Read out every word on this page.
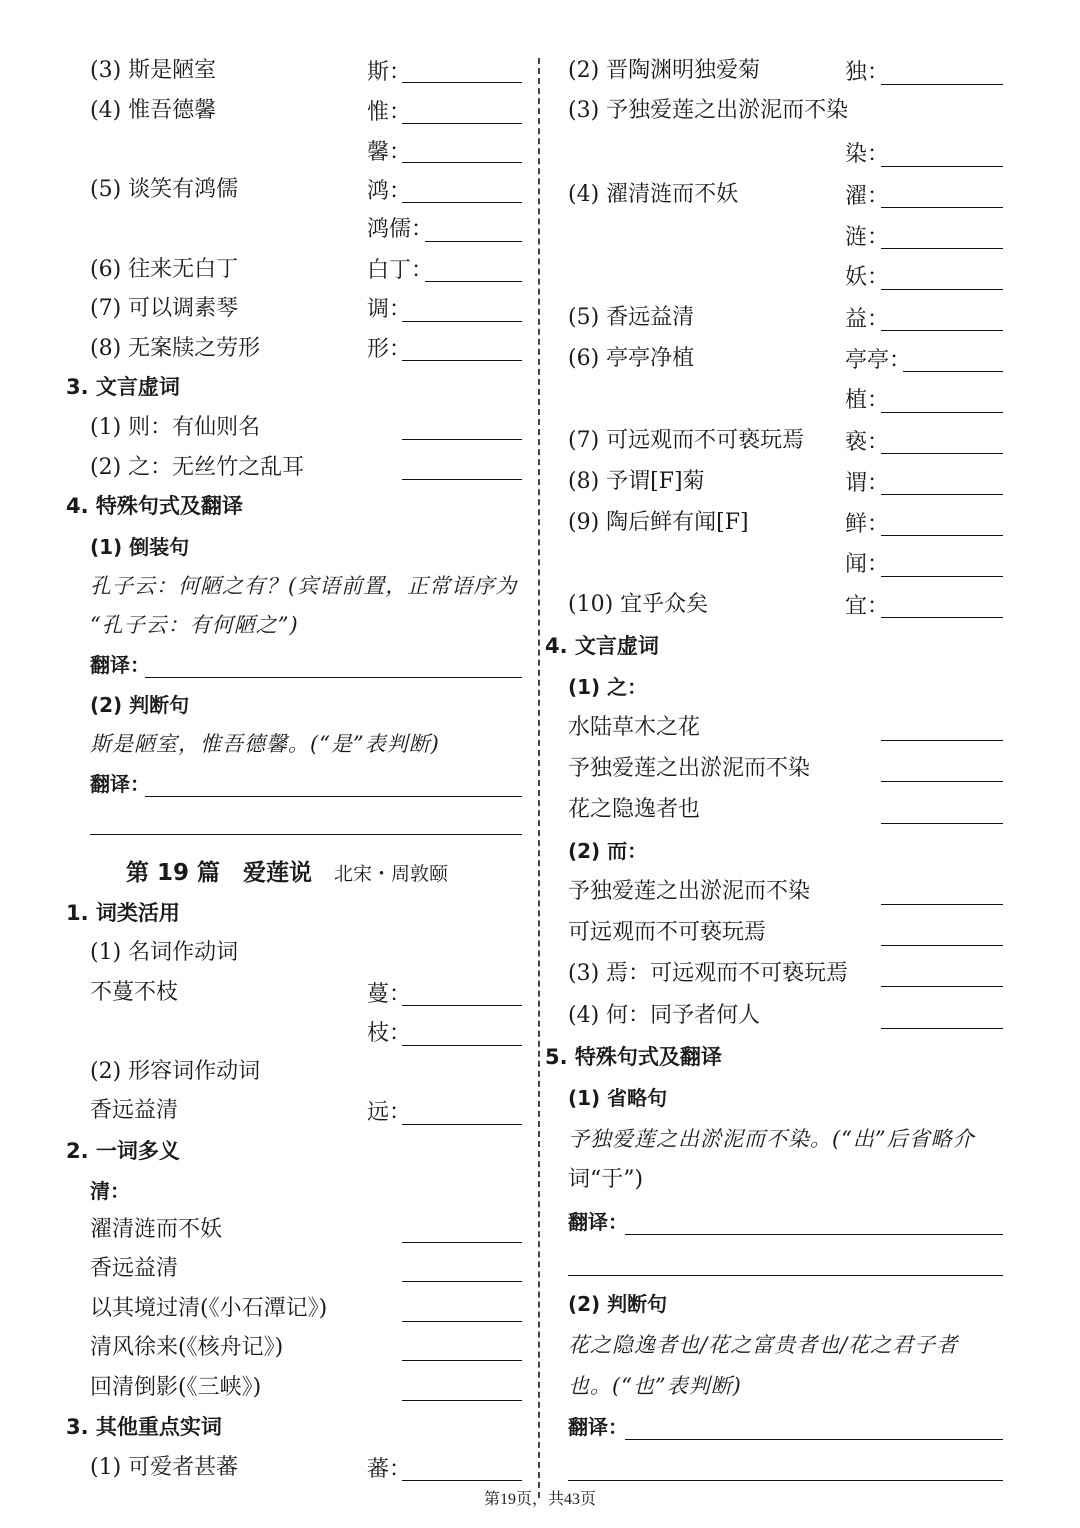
(3) 斯是陋室	斯：
(4) 惟吾德馨	惟：
馨：
(5) 谈笑有鸿儒	鸿：
鸿儒：
(6) 往来无白丁	白丁：
(7) 可以调素琴	调：
(8) 无案牍之劳形	形：
3. 文言虚词
(1) 则：有仙则名
(2) 之：无丝竹之乱耳
4. 特殊句式及翻译
(1) 倒装句
孔子云：何陋之有？(宾语前置，正常语序为
“孔子云：有何陋之”)
翻译：
(2) 判断句
斯是陋室，惟吾德馨。(“是”表判断)
翻译：
第 19 篇　爱莲说 北宋・周敦颐
1. 词类活用
(1) 名词作动词
不蔓不枝	蔓：
枝：
(2) 形容词作动词
香远益清	远：
2. 一词多义
清：
濯清涟而不妖
香远益清
以其境过清(《小石潭记》)
清风徐来(《核舟记》)
回清倒影(《三峡》)
3. 其他重点实词
(1) 可爱者甚蕃	蕃：
(2) 晋陶渊明独爱菊	独：
(3) 予独爱莲之出淤泥而不染
染：
(4) 濯清涟而不妖	濯：
涟：
妖：
(5) 香远益清	益：
(6) 亭亭净植	亭亭：
植：
(7) 可远观而不可亵玩焉 亵：
(8) 予谓[F]菊	谓：
(9) 陶后鲜有闻[F]	鲜：
闻：
(10) 宜乎众矣	宜：
4. 文言虚词
(1) 之：
水陆草木之花
予独爱莲之出淤泥而不染
花之隐逸者也
(2) 而：
予独爱莲之出淤泥而不染
可远观而不可亵玩焉
(3) 焉：可远观而不可亵玩焉
(4) 何：同予者何人
5. 特殊句式及翻译
(1) 省略句
予独爱莲之出淤泥而不染。(“出”后省略介
词“于”)
翻译：
(2) 判断句
花之隐逸者也/花之富贵者也/花之君子者
也。(“也”表判断)
翻译：
第19页，共43页
